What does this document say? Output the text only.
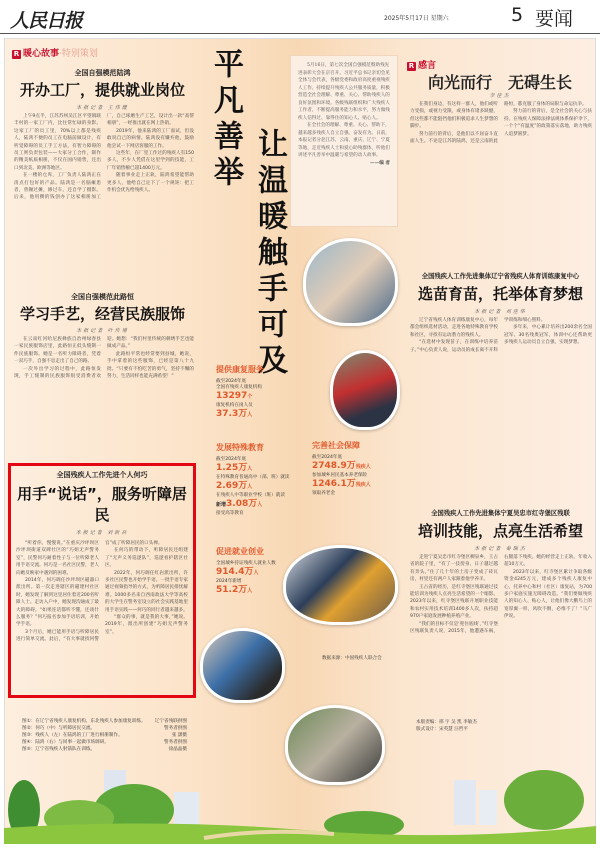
人民日报	2025年5月17日 星期六	5 要闻
R 暖心故事·特别策划
全国自强模范陆鸿
开办工厂，提供就业岗位
本报记者 王伟健

上午9点半，江苏苏州吴江区平望镇联丰村的一家工厂内，比往常忙碌的身影。这家工厂的员工里，70%以上都是残疾人，陆鸿不便的员工在电脑前做设计，有听觉障碍的员工手工方法，有智力障碍的员工则负责包装——大家分工合作，制作的精美纸质相册，不仅在国内销售，还出口到北美、欧洲等地区。

在一楼的仓库，工厂负责人陆鸿正在清点打包好的产品。陆鸿是一名脑瘫患者，曾辗过摊，修过车，还自学了摄影。后来，他用攒的钱创办了这家相册加工厂，自己琢磨生产工艺，设计出一款“高帮相册”，一经推出就在网上热销。

2019年，他来陆鸿的工厂面试，但没敢说自己的病情。陆鸿没有嫌弃他，鼓励他尝试一下网店客服的工作。

这些年，在厂里工作过的残疾人有150多人，不少人凭借在这里学到的技能，工厂年销售额已超1400万元。

随着事业走上正轨，陆鸿希望能帮助更多人，他给自己定下了一个规矩：把工作机会优先给残疾人。

全国自强模范此路恒
学习手艺，经营民族服饰
本报记者 叶传增

在云南红河哈尼族彝族自治州绿春县一家民族服饰店里，此路恒正低头缝制一件民族服饰。她是一名听力障碍者，凭着一双巧手，自强不息走出了自己的路。

一次外出学习的过程中，此路恒发现，手工缝制的民族服饰很受消费者欢迎。她想：“我们村里传统的刺绣手艺也能做成产品。”

此路恒平常也经常要到县城，她说，手中拿着的这些服饰，已经是第八十九批。“只要有不怕吃苦的勇气，坚持不懈的努力，生活同样也能充满希望！”

全国残疾人工作先进个人何巧
用手“说话”，服务听障居民
本报记者 刘新吾

“听着你，慢慢说。”在重庆沙坪坝区沙坪坝街道双碑社区的“巧姐无声警务室”，民警何巧耐着性子与一位听障老人用手语交流。何巧是一名社区民警，老人向她反映家中遇到的困难。

2014年，何巧调任沙坪坝区磁器口派出所。第一次走进辖区的磁建村社区时，她发现了解到这里居住着近200名听障人士。走访入户中，她发现沟通成了最大的障碍。“如果连话都听不懂，还谈什么服务？”何巧报名参加手语培训，开始学手语。

3个月后，她已能用手语与听障居民进行简单交流。此后，“有大事就找何警官”成了听障居民的口头禅。

在何巧的带动下，听障居民还组建了“无声义务巡逻队”，巡逻看护辖区社区。

2022年，何巧调任红岩派出所，许多社区民警也开始学手语。一批手语专家通过视频指导的方式，为听障居民排忧解难。1000多名来自西南政法大学等高校的大学生在警务室设立的社会实践基地里用手语实践——何巧的同行者越来越多。

“群众的事，就是我的大事，”她说。2019年，派出所创建“巧姐无声警务室”。

图①：在辽宁省残疾人康复机构，东北残疾人参加康复训练。 辽宁省残联供图
图②：何巧（中）与听障居民交流。	警务者供图
图③：残疾人（左）在陆鸿的工厂进行相册制作。	张 潇摄
图④：陆鸿（右）与同事一起做市场调研。	警务者供图
图⑤：辽宁省残疾人射箭队在训练。	徐晶晶摄
平凡善举
让温暖触手可及

5月16日，第七次全国自强模范暨助残先进表彰大会在京召开。习近平总书记亲切会见全体与会代表，各级党委和政府高度重视残疾人工作，持续提升残疾人公共服务质量，积极营造全社会理解、尊重、关心、帮助残疾人的良好氛围和环境。各级残联组织和广大残疾人工作者，不断提高服务能力和水平，努力做残疾人信得过、靠得住的知心人、贴心人。

在全社会的理解、尊重、关心、帮助下，越来越多残疾人自立自强、奋发有为。日前，本报记者分赴江苏、云南、重庆、辽宁、宁夏等地，走近残疾人士和爱心助残群体，听他们讲述平凡善举中温暖与希望的动人故事。

——编 者
提供康复服务
截至2024年底
全国有残疾人康复机构
13297个
康复机构在岗人员
37.3万人
发展特殊教育
截至2024年底
1.25万人
在特殊教育普通高中（部、班）就读
2.69万人
在残疾人中等职业学校（班）就读
新增3.08万人
接受高等教育
完善社会保障
截至2024年底
2748.9万残疾人
参加城乡居民基本养老保险
1246.1万残疾人
领取养老金
促进就业创业
全国城乡持证残疾人就业人数
914.4万人
2024年新增
51.2万人
数据来源：中国残疾人联合会
R 感言
向光而行　无碍生长
李佳杰

在我们身边，有这样一群人，他们或听力受损，或视力受限，或身体有诸多缺憾，但这些都不能阻挡他们积极追求人生梦想的脚步。

努力前行的背后，是他们以不屈奋斗直面人生。不论是江苏的陆鸿，还是云南的此路恒，都克服了身体的局限与命运抗争。

努力前行的背后，是全社会的关心与扶持。在残疾人保障法律法规体系保护伞下，一个个“有温度”的政策落实落地，助力残疾人追梦圆梦。

全国残疾人工作先进集体辽宁省残疾人体育训练康复中心
选苗育苗，托举体育梦想
本报记者 刘佳华

辽宁省残疾人体育训练康复中心，每年都会组织选材活动，走进各地特殊教育学校和社区，寻找有运动潜力的残疾人。

“在选材中发现苗子，在训练中培养苗子。”中心负责人说，运动员的成长离不开科学训练和细心照料。

多年来，中心累计培养出200余名全国冠军、30名残奥冠军，体训中心还帮助更多残疾人运动员自立自强，实现梦想。

全国残疾人工作先进集体宁夏吴忠市红寺堡区残联
培训技能，点亮生活希望
本报记者 秦瑞杰

走进宁夏吴忠市红寺堡区柳泉乡，王占省的院子里，“有了一技傍身，日子越过越有奔头。”住了几十年的土房子变成了砖瓦房，村里还有两户人家跟着他学养羊。

王占省的经历，是红寺堡区残联通过技能培训为残疾人点亮生活希望的一个缩影。2023年以来，红寺堡区残联开展职业技能和农村实用技术培训1400多人次，扶持超970户家庭发展种植养殖产业。

“我们的目标不仅是‘兜住底线’，”红寺堡区残联负责人说，2015年，他遭遇车祸，右腿落下残疾。她的经营走上正轨，年收入超10万元。

2023年以来，红寺堡区累计争取各级资金4245万元，建成多个残疾人康复中心，托养中心和村（社区）康复站，为700多户家庭实施无障碍改造。“我们要做残疾人的知心人、贴心人，让他们像大鹏鸟上的宽厚翼一样，风吹不倒，必维不了！”马广伊说。

本版责编：邢 宇 吴 凯 李敏杰
版式设计：宋英慧 汪哲平
